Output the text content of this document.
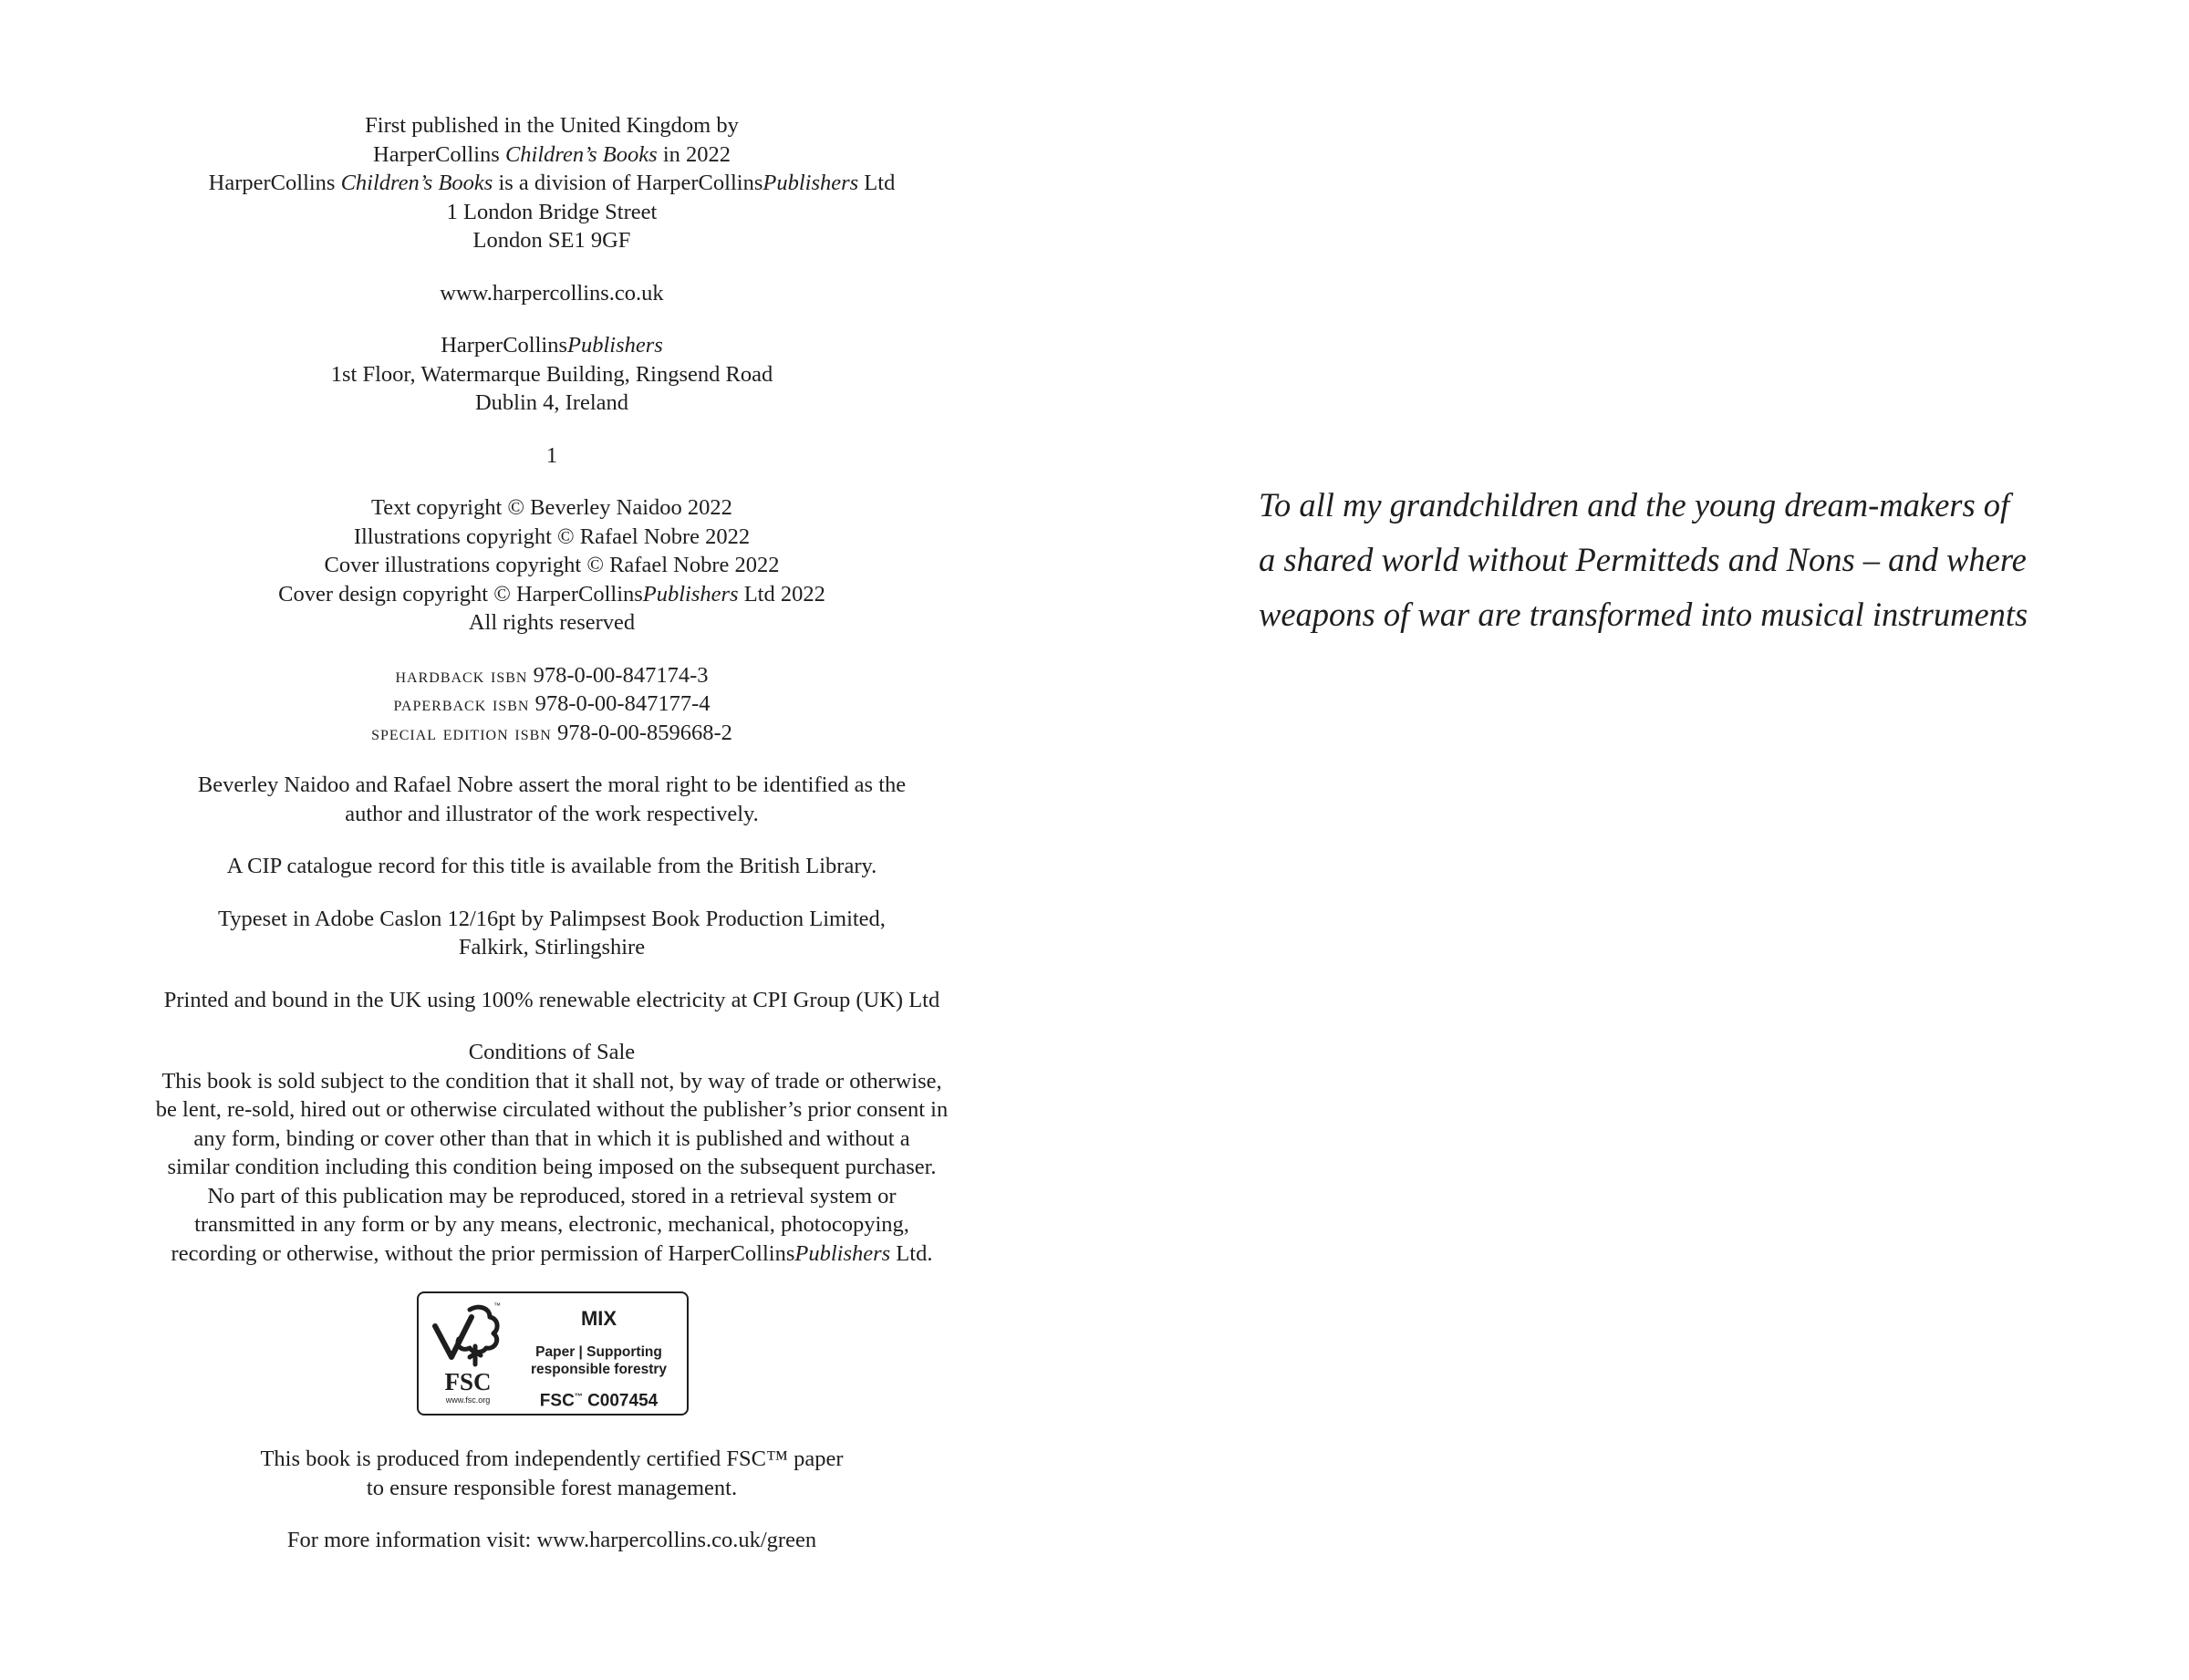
First published in the United Kingdom by
HarperCollins Children’s Books in 2022
HarperCollins Children’s Books is a division of HarperCollinsPublishers Ltd
1 London Bridge Street
London SE1 9GF
www.harpercollins.co.uk
HarperCollinsPublishers
1st Floor, Watermarque Building, Ringsend Road
Dublin 4, Ireland
1
Text copyright © Beverley Naidoo 2022
Illustrations copyright © Rafael Nobre 2022
Cover illustrations copyright © Rafael Nobre 2022
Cover design copyright © HarperCollinsPublishers Ltd 2022
All rights reserved
hardback isbn 978-0-00-847174-3
paperback isbn 978-0-00-847177-4
special edition isbn 978-0-00-859668-2
Beverley Naidoo and Rafael Nobre assert the moral right to be identified as the
author and illustrator of the work respectively.
A CIP catalogue record for this title is available from the British Library.
Typeset in Adobe Caslon 12/16pt by Palimpsest Book Production Limited,
Falkirk, Stirlingshire
Printed and bound in the UK using 100% renewable electricity at CPI Group (UK) Ltd
Conditions of Sale
This book is sold subject to the condition that it shall not, by way of trade or otherwise,
be lent, re-sold, hired out or otherwise circulated without the publisher’s prior consent in
any form, binding or cover other than that in which it is published and without a
similar condition including this condition being imposed on the subsequent purchaser.
No part of this publication may be reproduced, stored in a retrieval system or
transmitted in any form or by any means, electronic, mechanical, photocopying,
recording or otherwise, without the prior permission of HarperCollinsPublishers Ltd.
™
FSC
www.fsc.org
MIX
Paper | Supporting
responsible forestry
FSC™ C007454
This book is produced from independently certified FSC™ paper
to ensure responsible forest management.
For more information visit: www.harpercollins.co.uk/green
To all my grandchildren and the young dream-makers of
a shared world without Permitteds and Nons – and where
weapons of war are transformed into musical instruments
